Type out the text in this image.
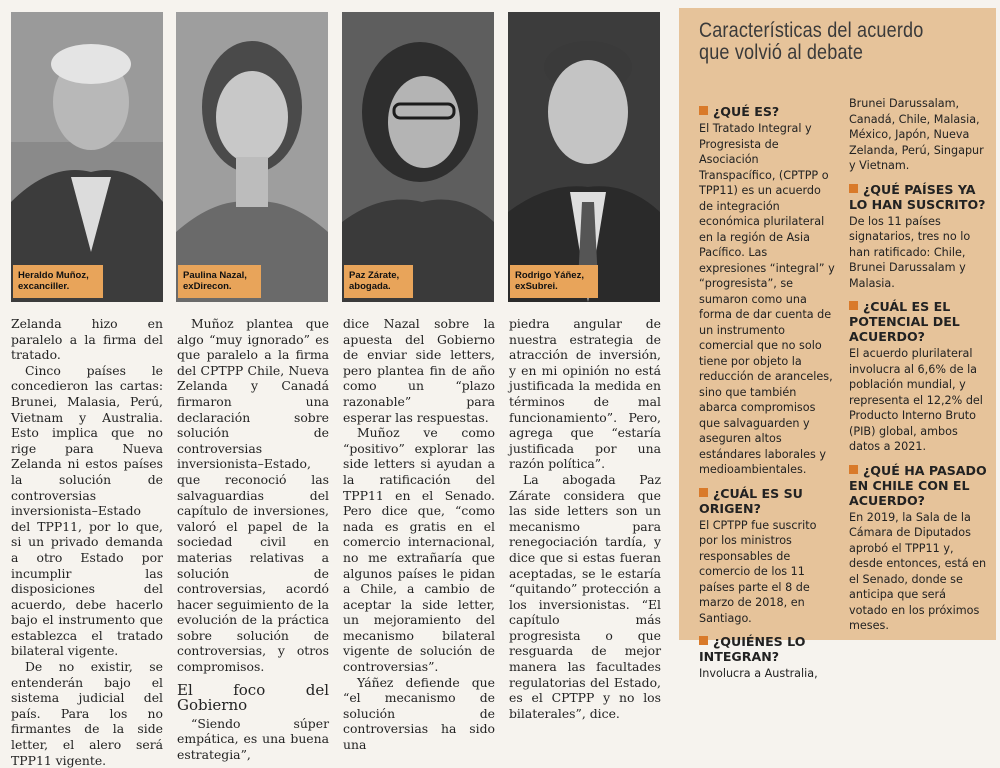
Heraldo Muñoz,
excanciller.
Paulina Nazal,
exDirecon.
Paz Zárate,
abogada.
Rodrigo Yáñez,
exSubrei.

Zelanda hizo en paralelo a la firma del tratado.

Cinco países le concedieron las cartas: Brunei, Malasia, Perú, Vietnam y Australia. Esto implica que no rige para Nueva Zelanda ni estos países la solución de controversias inversionista–Estado del TPP11, por lo que, si un privado demanda a otro Estado por incumplir las disposiciones del acuerdo, debe hacerlo bajo el instrumento que establezca el tratado bilateral vigente.

De no existir, se entenderán bajo el sistema judicial del país. Para los no firmantes de la side letter, el alero será TPP11 vigente.

Muñoz plantea que algo “muy ignorado” es que paralelo a la firma del CPTPP Chile, Nueva Zelanda y Canadá firmaron una declaración sobre solución de controversias inversionista–Estado, que reconoció las salvaguardias del capítulo de inversiones, valoró el papel de la sociedad civil en materias relativas a solución de controversias, acordó hacer seguimiento de la evolución de la práctica sobre solución de controversias, y otros compromisos.

El foco del Gobierno

“Siendo súper empática, es una buena estrategia”,

dice Nazal sobre la apuesta del Gobierno de enviar side letters, pero plantea fin de año como un “plazo razonable” para esperar las respuestas.

Muñoz ve como “positivo” explorar las side letters si ayudan a la ratificación del TPP11 en el Senado. Pero dice que, “como nada es gratis en el comercio internacional, no me extrañaría que algunos países le pidan a Chile, a cambio de aceptar la side letter, un mejoramiento del mecanismo bilateral vigente de solución de controversias”.

Yáñez defiende que “el mecanismo de solución de controversias ha sido una

piedra angular de nuestra estrategia de atracción de inversión, y en mi opinión no está justificada la medida en términos de mal funcionamiento”. Pero, agrega que “estaría justificada por una razón política”.

La abogada Paz Zárate considera que las side letters son un mecanismo para renegociación tardía, y dice que si estas fueran aceptadas, se le estaría “quitando” protección a los inversionistas. “El capítulo más progresista o que resguarda de mejor manera las facultades regulatorias del Estado, es el CPTPP y no los bilaterales”, dice.

Características del acuerdo
que volvió al debate
¿QUÉ ES?

El Tratado Integral y Progresista de Asociación Transpacífico, (CPTPP o TPP11) es un acuerdo de integración económica plurilateral en la región de Asia Pacífico. Las expresiones “integral” y “progresista”, se sumaron como una forma de dar cuenta de un instrumento comercial que no solo tiene por objeto la reducción de aranceles, sino que también abarca compromisos que salvaguarden y aseguren altos estándares laborales y medioambientales.

¿CUÁL ES SU ORIGEN?

El CPTPP fue suscrito por los ministros responsables de comercio de los 11 países parte el 8 de marzo de 2018, en Santiago.

¿QUIÉNES LO INTEGRAN?

Involucra a Australia,

Brunei Darussalam, Canadá, Chile, Malasia, México, Japón, Nueva Zelanda, Perú, Singapur y Vietnam.

¿QUÉ PAÍSES YA LO HAN SUSCRITO?

De los 11 países signatarios, tres no lo han ratificado: Chile, Brunei Darussalam y Malasia.

¿CUÁL ES EL POTENCIAL DEL ACUERDO?

El acuerdo plurilateral involucra al 6,6% de la población mundial, y representa el 12,2% del Producto Interno Bruto (PIB) global, ambos datos a 2021.

¿QUÉ HA PASADO EN CHILE CON EL ACUERDO?

En 2019, la Sala de la Cámara de Diputados aprobó el TPP11 y, desde entonces, está en el Senado, donde se anticipa que será votado en los próximos meses.
